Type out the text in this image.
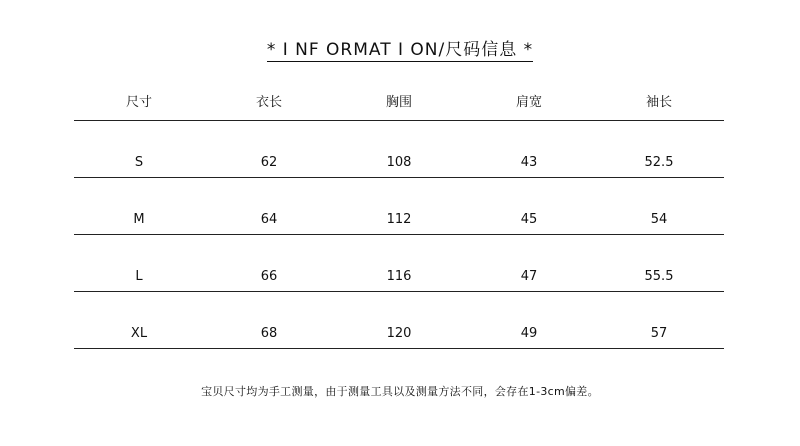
* I NF ORMAT I ON/尺码信息 *
尺寸	衣长	胸围	肩宽	袖长
S	62	108	43	52.5
M	64	112	45	54
L	66	116	47	55.5
XL	68	120	49	57
宝贝尺寸均为手工测量，由于测量工具以及测量方法不同，会存在1-3cm偏差。
